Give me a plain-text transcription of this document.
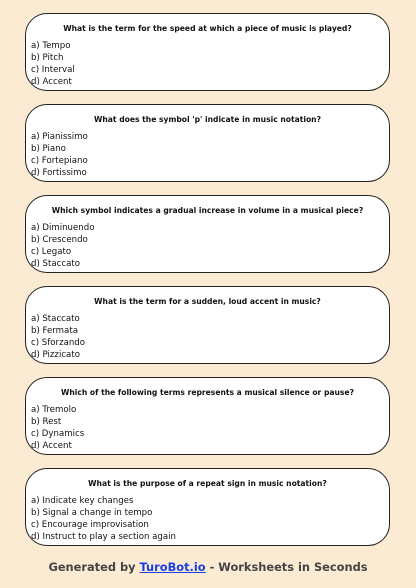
What is the term for the speed at which a piece of music is played?
a) Tempo
b) Pitch
c) Interval
d) Accent
What does the symbol 'p' indicate in music notation?
a) Pianissimo
b) Piano
c) Fortepiano
d) Fortissimo
Which symbol indicates a gradual increase in volume in a musical piece?
a) Diminuendo
b) Crescendo
c) Legato
d) Staccato
What is the term for a sudden, loud accent in music?
a) Staccato
b) Fermata
c) Sforzando
d) Pizzicato
Which of the following terms represents a musical silence or pause?
a) Tremolo
b) Rest
c) Dynamics
d) Accent
What is the purpose of a repeat sign in music notation?
a) Indicate key changes
b) Signal a change in tempo
c) Encourage improvisation
d) Instruct to play a section again
Generated by TuroBot.io - Worksheets in Seconds
